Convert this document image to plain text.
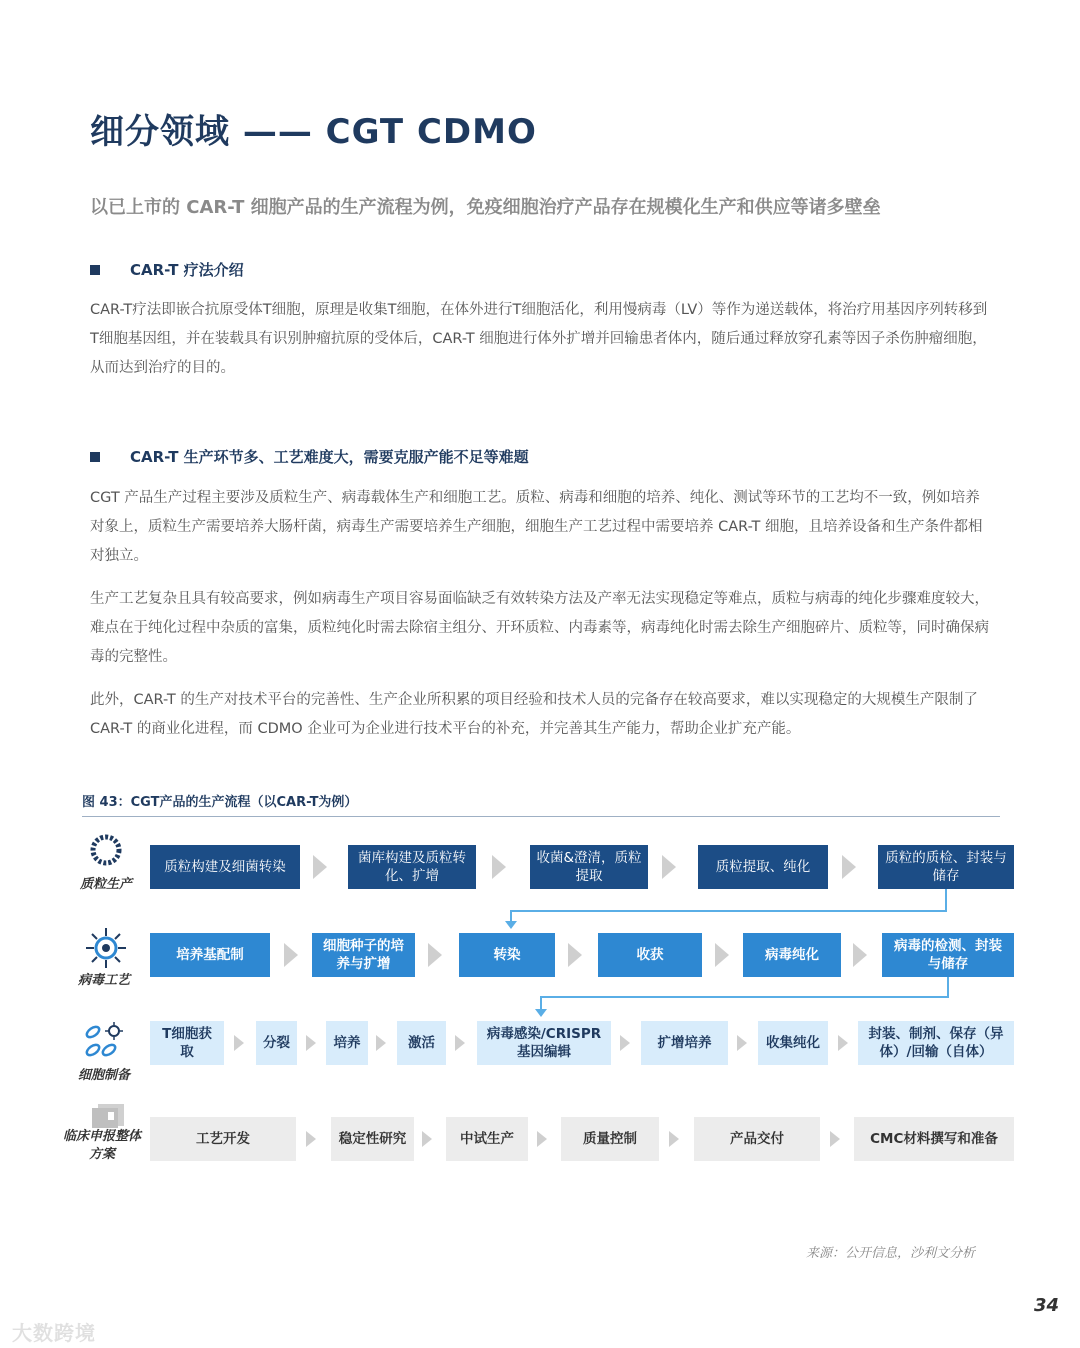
细分领域 —— CGT CDMO
以已上市的 CAR-T 细胞产品的生产流程为例，免疫细胞治疗产品存在规模化生产和供应等诸多壁垒
CAR-T 疗法介绍
CAR-T疗法即嵌合抗原受体T细胞，原理是收集T细胞，在体外进行T细胞活化，利用慢病毒（LV）等作为递送载体，将治疗用基因序列转移到T细胞基因组，并在装载具有识别肿瘤抗原的受体后，CAR-T 细胞进行体外扩增并回输患者体内，随后通过释放穿孔素等因子杀伤肿瘤细胞，从而达到治疗的目的。
CAR-T 生产环节多、工艺难度大，需要克服产能不足等难题
CGT 产品生产过程主要涉及质粒生产、病毒载体生产和细胞工艺。质粒、病毒和细胞的培养、纯化、测试等环节的工艺均不一致，例如培养对象上，质粒生产需要培养大肠杆菌，病毒生产需要培养生产细胞，细胞生产工艺过程中需要培养 CAR-T 细胞，且培养设备和生产条件都相对独立。
生产工艺复杂且具有较高要求，例如病毒生产项目容易面临缺乏有效转染方法及产率无法实现稳定等难点，质粒与病毒的纯化步骤难度较大，难点在于纯化过程中杂质的富集，质粒纯化时需去除宿主组分、开环质粒、内毒素等，病毒纯化时需去除生产细胞碎片、质粒等，同时确保病毒的完整性。
此外，CAR-T 的生产对技术平台的完善性、生产企业所积累的项目经验和技术人员的完备存在较高要求，难以实现稳定的大规模生产限制了 CAR-T 的商业化进程，而 CDMO 企业可为企业进行技术平台的补充，并完善其生产能力，帮助企业扩充产能。
图 43：CGT产品的生产流程（以CAR-T为例）
质粒生产
病毒工艺
细胞制备
临床申报整体方案
质粒构建及细菌转染
菌库构建及质粒转化、扩增
收菌&澄清，质粒提取
质粒提取、纯化
质粒的质检、封装与储存
培养基配制
细胞种子的培养与扩增
转染	收获	病毒纯化
病毒的检测、封装与储存
T细胞获取
分裂	培养	激活
病毒感染/CRISPR基因编辑
扩增培养	收集纯化
封装、制剂、保存（异体）/回输（自体）
工艺开发	稳定性研究	中试生产	质量控制	产品交付	CMC材料撰写和准备
来源：公开信息，沙利文分析
34
大数跨境
